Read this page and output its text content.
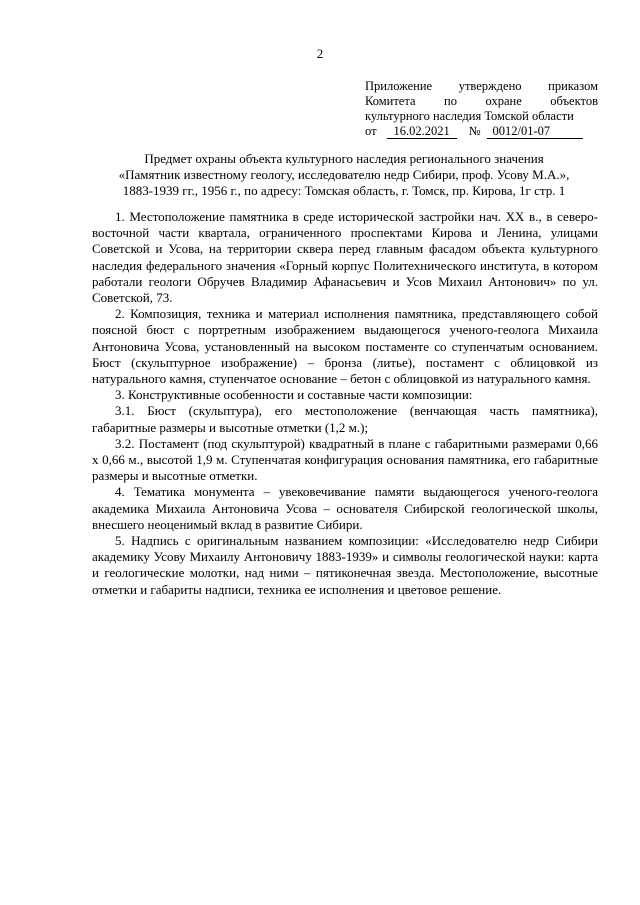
2
Приложение утверждено приказом
Комитета по охране объектов
культурного наследия Томской области
от	16.02.2021	№ 0012/01-07
Предмет охраны объекта культурного наследия регионального значения
«Памятник известному геологу, исследователю недр Сибири, проф. Усову М.А.»,
1883-1939 гг., 1956 г., по адресу: Томская область, г. Томск, пр. Кирова, 1г стр. 1

1. Местоположение памятника в среде исторической застройки нач. XX в., в северо-восточной части квартала, ограниченного проспектами Кирова и Ленина, улицами Советской и Усова, на территории сквера перед главным фасадом объекта культурного наследия федерального значения «Горный корпус Политехнического института, в котором работали геологи Обручев Владимир Афанасьевич и Усов Михаил Антонович» по ул. Советской, 73.

2. Композиция, техника и материал исполнения памятника, представляющего собой поясной бюст с портретным изображением выдающегося ученого-геолога Михаила Антоновича Усова, установленный на высоком постаменте со ступенчатым основанием. Бюст (скульптурное изображение) – бронза (литье), постамент с облицовкой из натурального камня, ступенчатое основание – бетон с облицовкой из натурального камня.

3. Конструктивные особенности и составные части композиции:

3.1. Бюст (скульптура), его местоположение (венчающая часть памятника), габаритные размеры и высотные отметки (1,2 м.);

3.2. Постамент (под скульптурой) квадратный в плане с габаритными размерами 0,66 х 0,66 м., высотой 1,9 м. Ступенчатая конфигурация основания памятника, его габаритные размеры и высотные отметки.

4. Тематика монумента – увековечивание памяти выдающегося ученого-геолога академика Михаила Антоновича Усова – основателя Сибирской геологической школы, внесшего неоценимый вклад в развитие Сибири.

5. Надпись с оригинальным названием композиции: «Исследователю недр Сибири академику Усову Михаилу Антоновичу 1883-1939» и символы геологической науки: карта и геологические молотки, над ними – пятиконечная звезда. Местоположение, высотные отметки и габариты надписи, техника ее исполнения и цветовое решение.
